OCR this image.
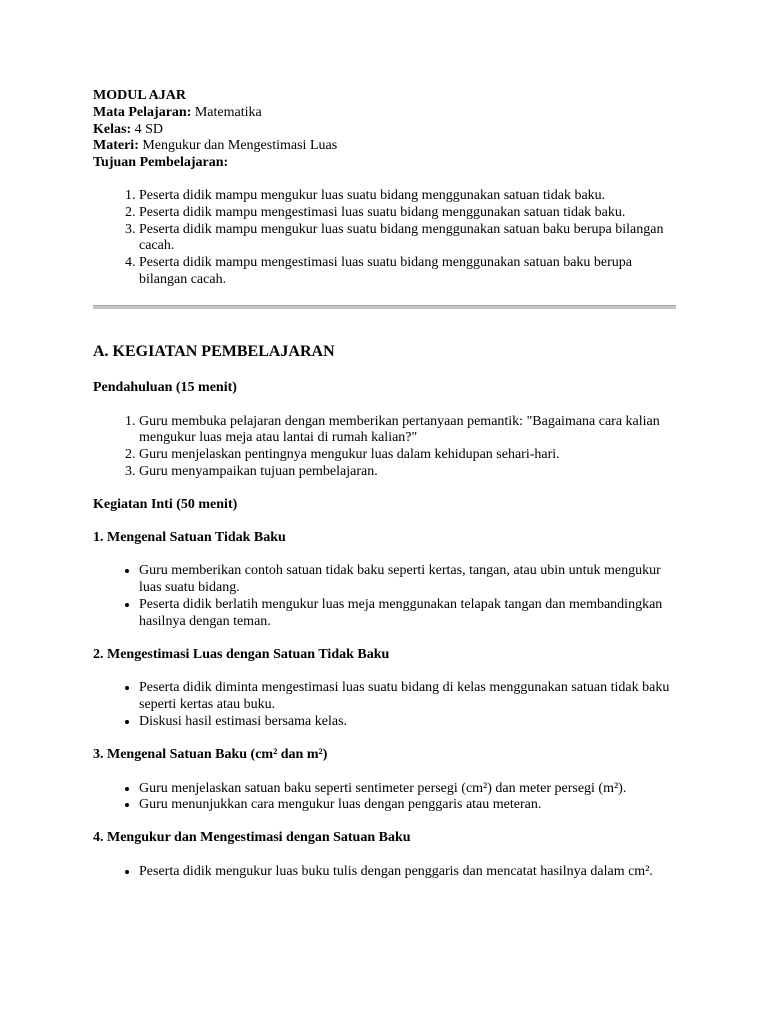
MODUL AJAR

Mata Pelajaran: Matematika

Kelas: 4 SD

Materi: Mengukur dan Mengestimasi Luas

Tujuan Pembelajaran:

1. Peserta didik mampu mengukur luas suatu bidang menggunakan satuan tidak baku.
2. Peserta didik mampu mengestimasi luas suatu bidang menggunakan satuan tidak baku.
3. Peserta didik mampu mengukur luas suatu bidang menggunakan satuan baku berupa bilangan cacah.
4. Peserta didik mampu mengestimasi luas suatu bidang menggunakan satuan baku berupa bilangan cacah.
A. KEGIATAN PEMBELAJARAN
Pendahuluan (15 menit)
1. Guru membuka pelajaran dengan memberikan pertanyaan pemantik: "Bagaimana cara kalian mengukur luas meja atau lantai di rumah kalian?"
2. Guru menjelaskan pentingnya mengukur luas dalam kehidupan sehari-hari.
3. Guru menyampaikan tujuan pembelajaran.
Kegiatan Inti (50 menit)
1. Mengenal Satuan Tidak Baku
• Guru memberikan contoh satuan tidak baku seperti kertas, tangan, atau ubin untuk mengukur luas suatu bidang.
• Peserta didik berlatih mengukur luas meja menggunakan telapak tangan dan membandingkan hasilnya dengan teman.
2. Mengestimasi Luas dengan Satuan Tidak Baku
• Peserta didik diminta mengestimasi luas suatu bidang di kelas menggunakan satuan tidak baku seperti kertas atau buku.
• Diskusi hasil estimasi bersama kelas.
3. Mengenal Satuan Baku (cm² dan m²)
• Guru menjelaskan satuan baku seperti sentimeter persegi (cm²) dan meter persegi (m²).
• Guru menunjukkan cara mengukur luas dengan penggaris atau meteran.
4. Mengukur dan Mengestimasi dengan Satuan Baku
• Peserta didik mengukur luas buku tulis dengan penggaris dan mencatat hasilnya dalam cm².
